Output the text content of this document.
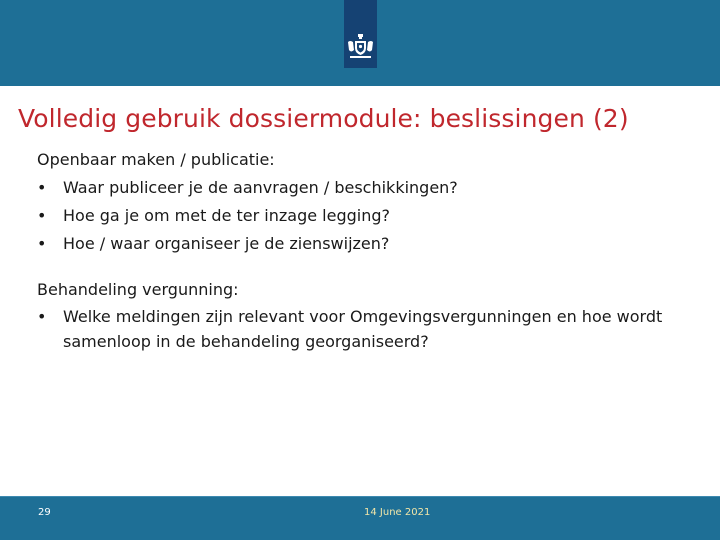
Volledig gebruik dossiermodule: beslissingen (2)
Openbaar maken / publicatie:
• Waar publiceer je de aanvragen / beschikkingen?
• Hoe ga je om met de ter inzage legging?
• Hoe / waar organiseer je de zienswijzen?
Behandeling vergunning:
• Welke meldingen zijn relevant voor Omgevingsvergunningen en hoe wordt samenloop in de behandeling georganiseerd?
29	14 June 2021
